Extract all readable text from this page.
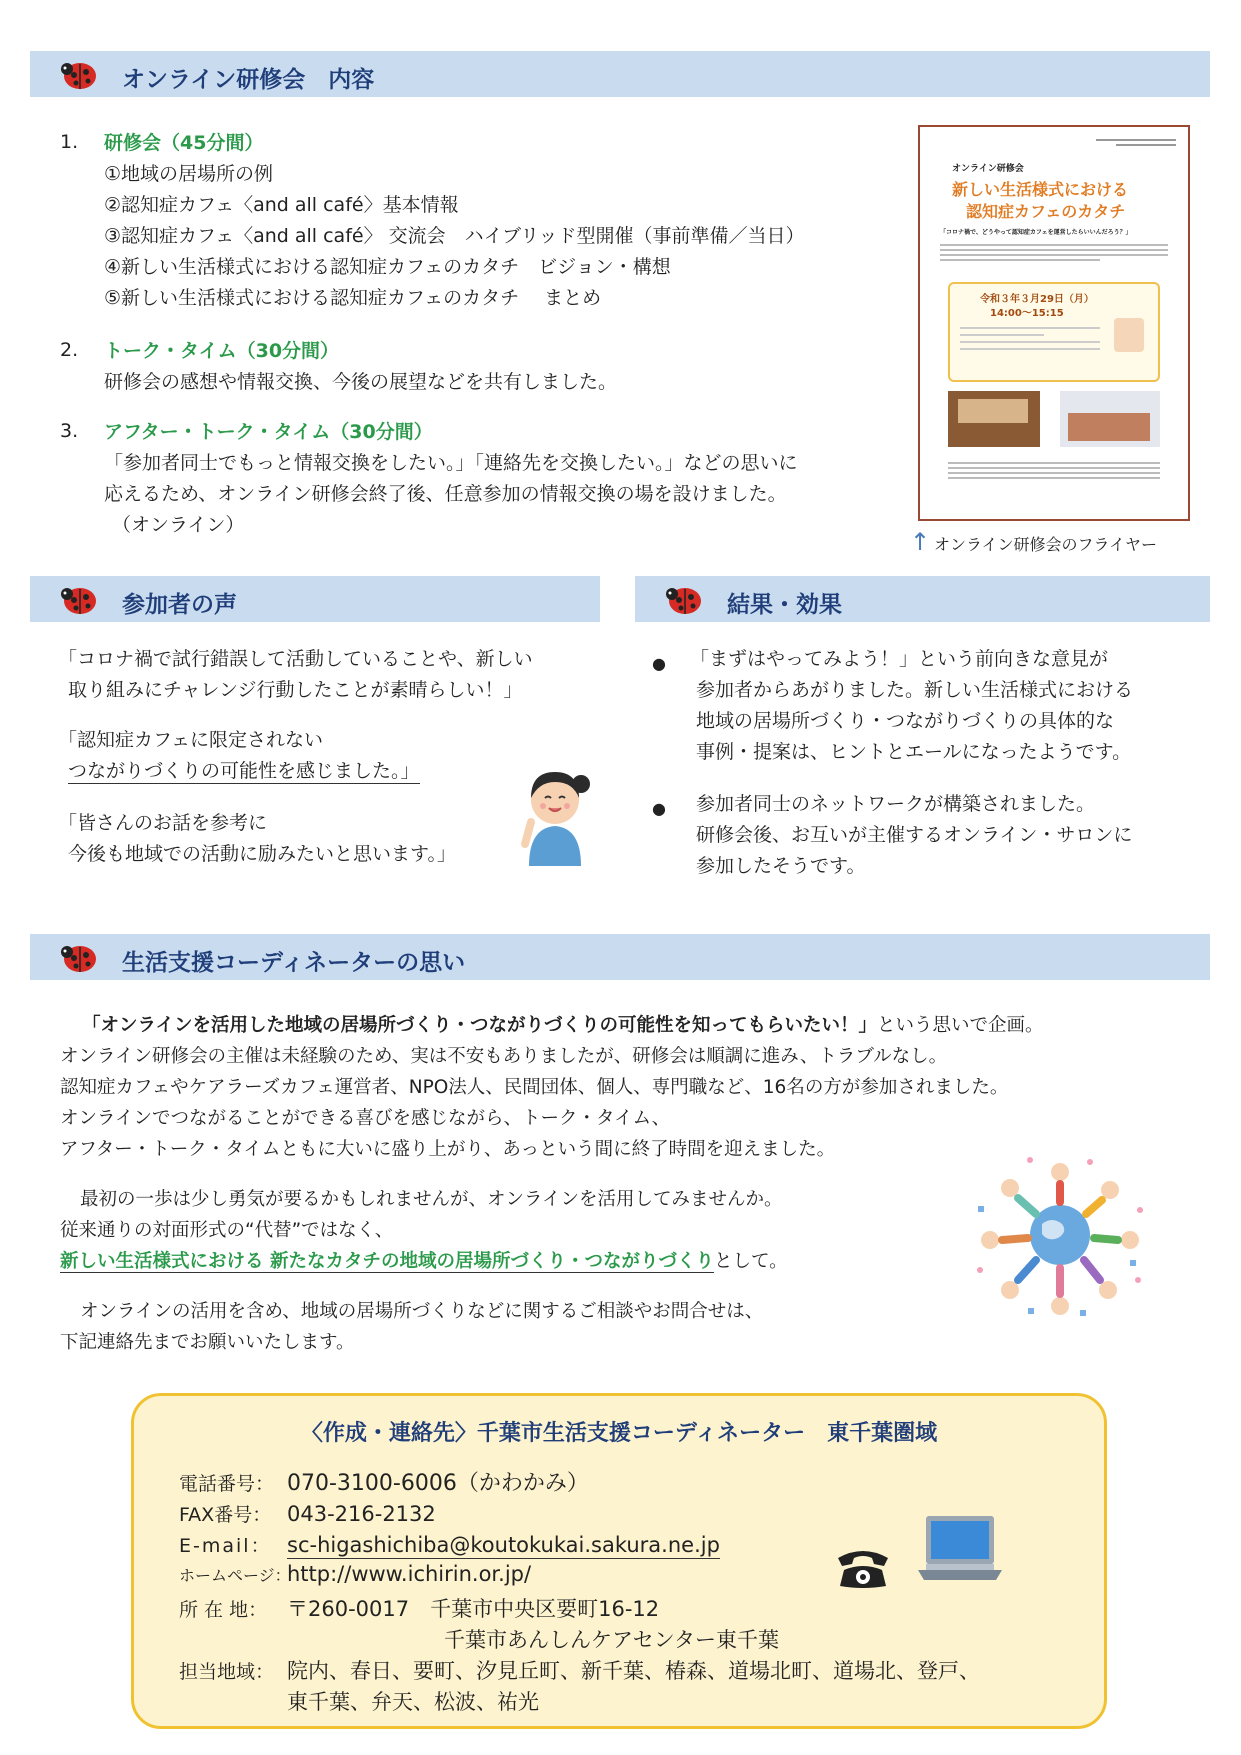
オンライン研修会　内容
1. 研修会（45分間）
①地域の居場所の例
②認知症カフェ〈and all café〉基本情報
③認知症カフェ〈and all café〉 交流会　ハイブリッド型開催（事前準備／当日）
④新しい生活様式における認知症カフェのカタチ　ビジョン・構想
⑤新しい生活様式における認知症カフェのカタチ　 まとめ
2. トーク・タイム（30分間）
研修会の感想や情報交換、今後の展望などを共有しました。
3. アフター・トーク・タイム（30分間）
「参加者同士でもっと情報交換をしたい。」「連絡先を交換したい。」などの思いに
応えるため、オンライン研修会終了後、任意参加の情報交換の場を設けました。
（オンライン）
オンライン研修会
新しい生活様式における
認知症カフェのカタチ
「コロナ禍で、どうやって認知症カフェを運営したらいいんだろう？」
令和３年３月29日（月）
14:00〜15:15
↑ オンライン研修会のフライヤー
参加者の声
「コロナ禍で試行錯誤して活動していることや、新しい
取り組みにチャレンジ行動したことが素晴らしい！」
「認知症カフェに限定されない
つながりづくりの可能性を感じました。」
「皆さんのお話を参考に
今後も地域での活動に励みたいと思います。」
結果・効果
● 「まずはやってみよう！」という前向きな意見が
参加者からあがりました。新しい生活様式における
地域の居場所づくり・つながりづくりの具体的な
事例・提案は、ヒントとエールになったようです。
● 参加者同士のネットワークが構築されました。
研修会後、お互いが主催するオンライン・サロンに
参加したそうです。
生活支援コーディネーターの思い
「オンラインを活用した地域の居場所づくり・つながりづくりの可能性を知ってもらいたい！」という思いで企画。
オンライン研修会の主催は未経験のため、実は不安もありましたが、研修会は順調に進み、トラブルなし。
認知症カフェやケアラーズカフェ運営者、NPO法人、民間団体、個人、専門職など、16名の方が参加されました。
オンラインでつながることができる喜びを感じながら、トーク・タイム、
アフター・トーク・タイムともに大いに盛り上がり、あっという間に終了時間を迎えました。
最初の一歩は少し勇気が要るかもしれませんが、オンラインを活用してみませんか。
従来通りの対面形式の“代替”ではなく、
新しい生活様式における 新たなカタチの地域の居場所づくり・つながりづくりとして。
オンラインの活用を含め、地域の居場所づくりなどに関するご相談やお問合せは、
下記連絡先までお願いいたします。
〈作成・連絡先〉千葉市生活支援コーディネーター　東千葉圏域
電話番号： 070-3100-6006（かわかみ）
FAX番号： 043-216-2132
E-mail： sc-higashichiba@koutokukai.sakura.ne.jp
ホームページ：http://www.ichirin.or.jp/
所 在 地： 〒260-0017　千葉市中央区要町16-12
千葉市あんしんケアセンター東千葉
担当地域： 院内、春日、要町、汐見丘町、新千葉、椿森、道場北町、道場北、登戸、
東千葉、弁天、松波、祐光
